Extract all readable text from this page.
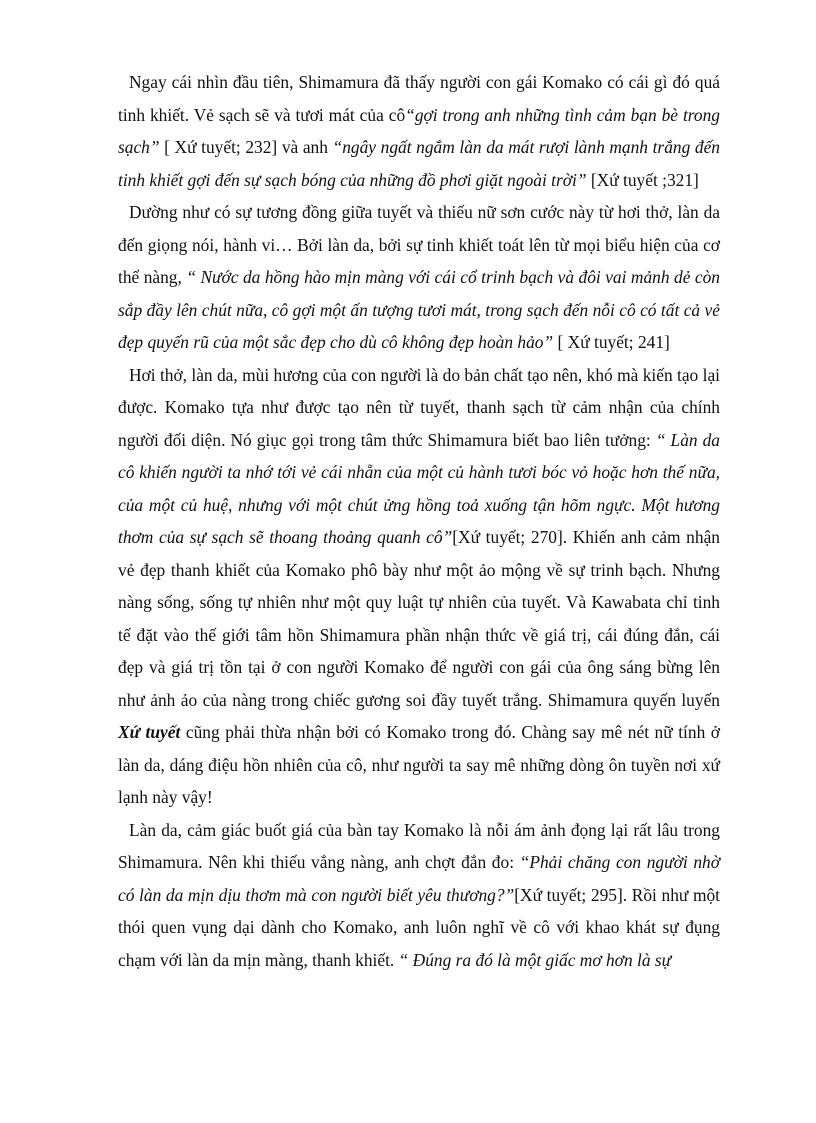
Ngay cái nhìn đầu tiên, Shimamura đã thấy người con gái Komako có cái gì đó quá tinh khiết. Vẻ sạch sẽ và tươi mát của cô“gợi trong anh những tình cảm bạn bè trong sạch” [ Xứ tuyết; 232] và anh “ngây ngất ngắm làn da mát rượi lành mạnh trắng đến tinh khiết gợi đến sự sạch bóng của những đồ phơi giặt ngoài trời” [Xứ tuyết ;321]

Dường như có sự tương đồng giữa tuyết và thiếu nữ sơn cước này từ hơi thở, làn da đến giọng nói, hành vi… Bởi làn da, bởi sự tinh khiết toát lên từ mọi biểu hiện của cơ thể nàng, “ Nước da hồng hào mịn màng với cái cổ trinh bạch và đôi vai mảnh dẻ còn sắp đầy lên chút nữa, cô gợi một ấn tượng tươi mát, trong sạch đến nỗi cô có tất cả vẻ đẹp quyến rũ của một sắc đẹp cho dù cô không đẹp hoàn hảo” [ Xứ tuyết; 241]

Hơi thở, làn da, mùi hương của con người là do bản chất tạo nên, khó mà kiến tạo lại được. Komako tựa như được tạo nên từ tuyết, thanh sạch từ cảm nhận của chính người đối diện. Nó giục gọi trong tâm thức Shimamura biết bao liên tưởng: “ Làn da cô khiến người ta nhớ tới vẻ cái nhẵn của một củ hành tươi bóc vỏ hoặc hơn thế nữa, của một củ huệ, nhưng với một chút ửng hồng toả xuống tận hõm ngực. Một hương thơm của sự sạch sẽ thoang thoảng quanh cô”[Xứ tuyết; 270]. Khiến anh cảm nhận vẻ đẹp thanh khiết của Komako phô bày như một ảo mộng về sự trinh bạch. Nhưng nàng sống, sống tự nhiên như một quy luật tự nhiên của tuyết. Và Kawabata chỉ tinh tế đặt vào thế giới tâm hồn Shimamura phần nhận thức về giá trị, cái đúng đắn, cái đẹp và giá trị tồn tại ở con người Komako để người con gái của ông sáng bừng lên như ảnh ảo của nàng trong chiếc gương soi đầy tuyết trắng. Shimamura quyến luyến Xứ tuyết cũng phải thừa nhận bởi có Komako trong đó. Chàng say mê nét nữ tính ở làn da, dáng điệu hồn nhiên của cô, như người ta say mê những dòng ôn tuyền nơi xứ lạnh này vậy!

Làn da, cảm giác buốt giá của bàn tay Komako là nỗi ám ảnh đọng lại rất lâu trong Shimamura. Nên khi thiếu vắng nàng, anh chợt đắn đo: “Phải chăng con người nhờ có làn da mịn dịu thơm mà con người biết yêu thương?”[Xứ tuyết; 295]. Rồi như một thói quen vụng dại dành cho Komako, anh luôn nghĩ về cô với khao khát sự đụng chạm với làn da mịn màng, thanh khiết. “ Đúng ra đó là một giấc mơ hơn là sự
